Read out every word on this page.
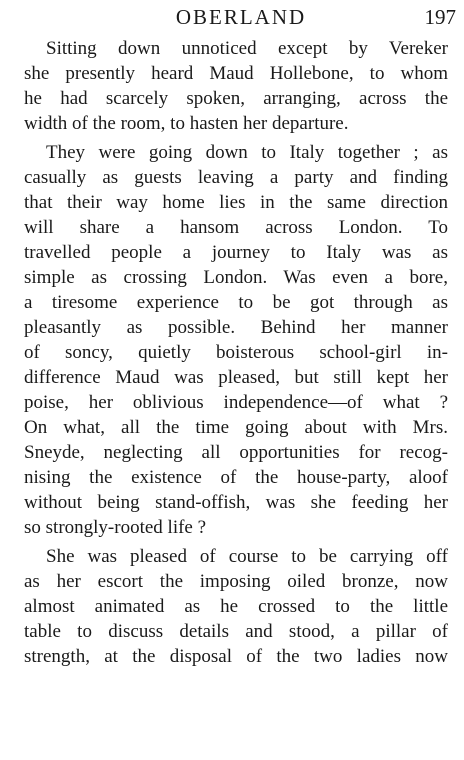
OBERLAND	197
Sitting down unnoticed except by Vereker
she presently heard Maud Hollebone, to whom
he had scarcely spoken, arranging, across the
width of the room, to hasten her departure.
They were going down to Italy together ; as
casually as guests leaving a party and finding
that their way home lies in the same direction
will share a hansom across London. To
travelled people a journey to Italy was as
simple as crossing London. Was even a bore,
a tiresome experience to be got through as
pleasantly as possible. Behind her manner
of soncy, quietly boisterous school-girl in-
difference Maud was pleased, but still kept her
poise, her oblivious independence—of what ?
On what, all the time going about with Mrs.
Sneyde, neglecting all opportunities for recog-
nising the existence of the house-party, aloof
without being stand-offish, was she feeding her
so strongly-rooted life ?
She was pleased of course to be carrying off
as her escort the imposing oiled bronze, now
almost animated as he crossed to the little
table to discuss details and stood, a pillar of
strength, at the disposal of the two ladies now
